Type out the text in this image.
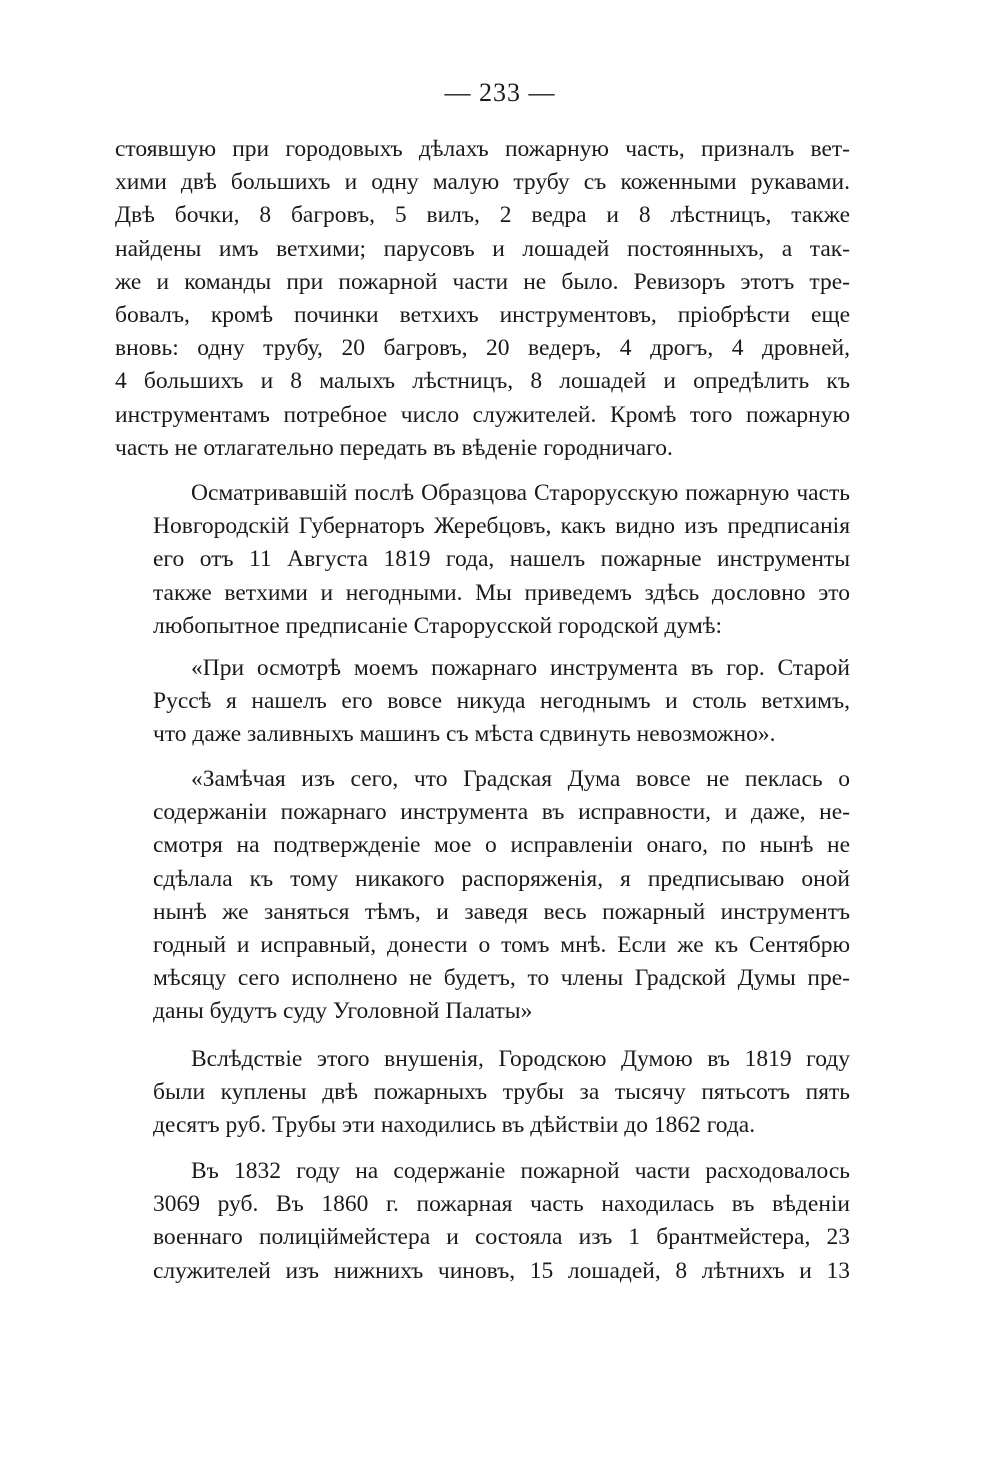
— 233 —
стоявшую при городовыхъ дѣлахъ пожарную часть, призналъ вет-
хими двѣ большихъ и одну малую трубу съ коженными рукавами.
Двѣ бочки, 8 багровъ, 5 вилъ, 2 ведра и 8 лѣстницъ, также
найдены имъ ветхими; парусовъ и лошадей постоянныхъ, а так-
же и команды при пожарной части не было. Ревизоръ этотъ тре-
бовалъ, кромѣ починки ветхихъ инструментовъ, пріобрѣсти еще
вновь: одну трубу, 20 багровъ, 20 ведеръ, 4 дрогъ, 4 дровней,
4 большихъ и 8 малыхъ лѣстницъ, 8 лошадей и опредѣлить къ
инструментамъ потребное число служителей. Кромѣ того пожарную
часть не отлагательно передать въ вѣденіе городничаго.
Осматривавшій послѣ Образцова Старорусскую пожарную часть
Новгородскій Губернаторъ Жеребцовъ, какъ видно изъ предписанія
его отъ 11 Августа 1819 года, нашелъ пожарные инструменты
также ветхими и негодными. Мы приведемъ здѣсь дословно это
любопытное предписаніе Старорусской городской думѣ:
«При осмотрѣ моемъ пожарнаго инструмента въ гор. Старой
Руссѣ я нашелъ его вовсе никуда негоднымъ и столь ветхимъ,
что даже заливныхъ машинъ съ мѣста сдвинуть невозможно».
«Замѣчая изъ сего, что Градская Дума вовсе не пеклась о
содержаніи пожарнаго инструмента въ исправности, и даже, не-
смотря на подтвержденіе мое о исправленіи онаго, по нынѣ не
сдѣлала къ тому никакого распоряженія, я предписываю оной
нынѣ же заняться тѣмъ, и заведя весь пожарный инструментъ
годный и исправный, донести о томъ мнѣ. Если же къ Сентябрю
мѣсяцу сего исполнено не будетъ, то члены Градской Думы пре-
даны будутъ суду Уголовной Палаты»
Вслѣдствіе этого внушенія, Городскою Думою въ 1819 году
были куплены двѣ пожарныхъ трубы за тысячу пятьсотъ пять
десятъ руб. Трубы эти находились въ дѣйствіи до 1862 года.
Въ 1832 году на содержаніе пожарной части расходовалось
3069 руб. Въ 1860 г. пожарная часть находилась въ вѣденіи
военнаго полиціймейстера и состояла изъ 1 брантмейстера, 23
служителей изъ нижнихъ чиновъ, 15 лошадей, 8 лѣтнихъ и 13
